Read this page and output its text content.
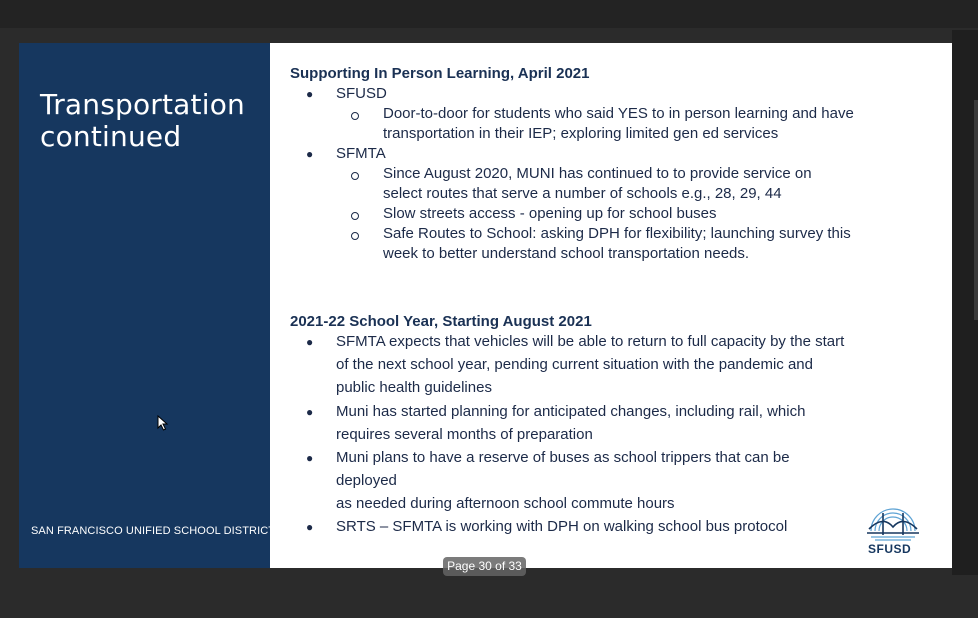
Transportation
continued
SAN FRANCISCO UNIFIED SCHOOL DISTRICT
Supporting In Person Learning, April 2021
● SFUSD
Door-to-door for students who said YES to in person learning and have
transportation in their IEP; exploring limited gen ed services
● SFMTA
Since August 2020, MUNI has continued to to provide service on
select routes that serve a number of schools e.g., 28, 29, 44
Slow streets access - opening up for school buses
Safe Routes to School: asking DPH for flexibility; launching survey this
week to better understand school transportation needs.
2021-22 School Year, Starting August 2021
● SFMTA expects that vehicles will be able to return to full capacity by the start
of the next school year, pending current situation with the pandemic and
public health guidelines
● Muni has started planning for anticipated changes, including rail, which
requires several months of preparation
● Muni plans to have a reserve of buses as school trippers that can be
deployed
as needed during afternoon school commute hours
● SRTS – SFMTA is working with DPH on walking school bus protocol
SFUSD
Page 30 of 33
